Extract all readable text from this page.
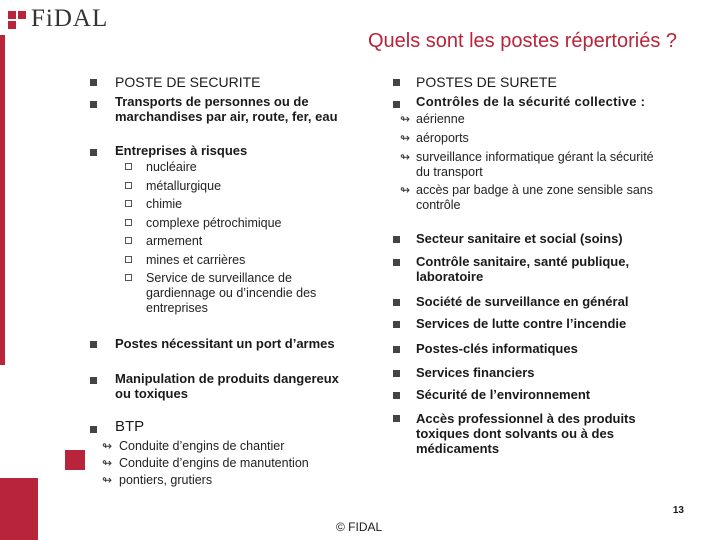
FiDAL
Quels sont les postes répertoriés ?
POSTE DE SECURITE
Transports de personnes ou de
marchandises par air, route, fer, eau
Entreprises à risques
nucléaire
métallurgique
chimie
complexe pétrochimique
armement
mines et carrières
Service de surveillance de
gardiennage ou d’incendie des
entreprises
Postes nécessitant un port d’armes
Manipulation de produits dangereux
ou toxiques
BTP
↬ Conduite d’engins de chantier
↬ Conduite d’engins de manutention
↬ pontiers, grutiers
POSTES DE SURETE
Contrôles de la sécurité collective :
↬ aérienne
↬ aéroports
↬ surveillance informatique gérant la sécurité
du transport
↬ accès par badge à une zone sensible sans
contrôle
Secteur sanitaire et social (soins)
Contrôle sanitaire, santé publique,
laboratoire
Société de surveillance en général
Services de lutte contre l’incendie
Postes-clés informatiques
Services financiers
Sécurité de l’environnement
Accès professionnel à des produits
toxiques dont solvants ou à des
médicaments
13
© FIDAL
